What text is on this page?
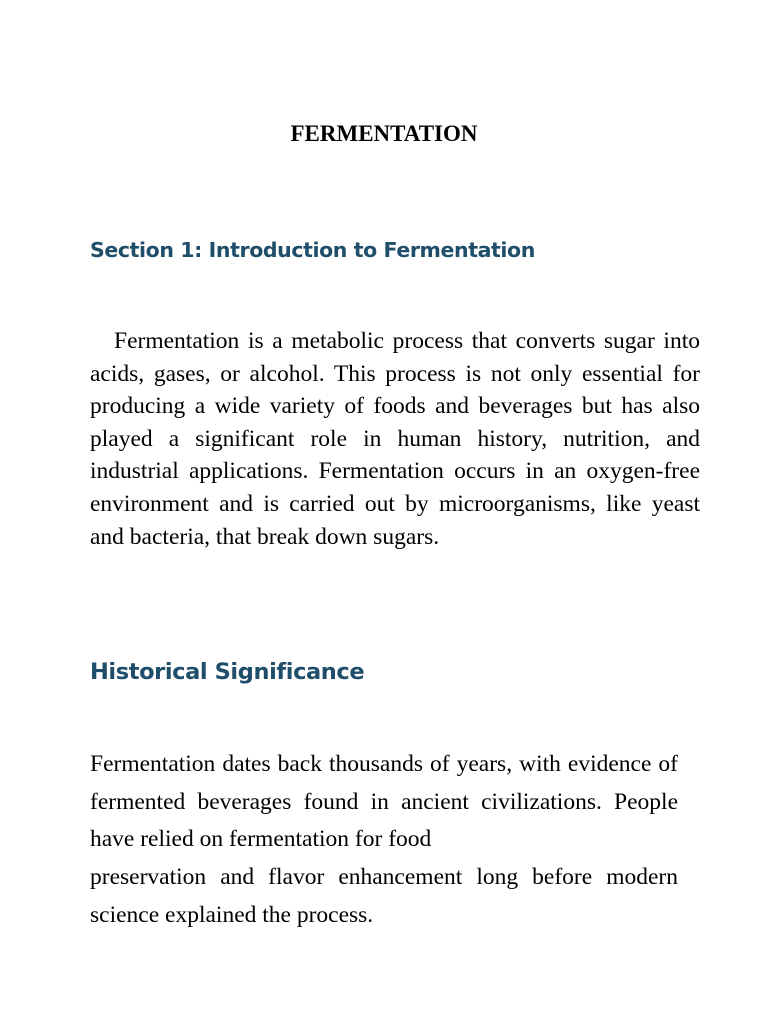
FERMENTATION
Section 1: Introduction to Fermentation

Fermentation is a metabolic process that converts sugar into acids, gases, or alcohol. This process is not only essential for producing a wide variety of foods and beverages but has also played a significant role in human history, nutrition, and industrial applications. Fermentation occurs in an oxygen-free environment and is carried out by microorganisms, like yeast and bacteria, that break down sugars.

Historical Significance

Fermentation dates back thousands of years, with evidence of fermented beverages found in ancient civilizations. People have relied on fermentation for food

preservation and flavor enhancement long before modern science explained the process.
